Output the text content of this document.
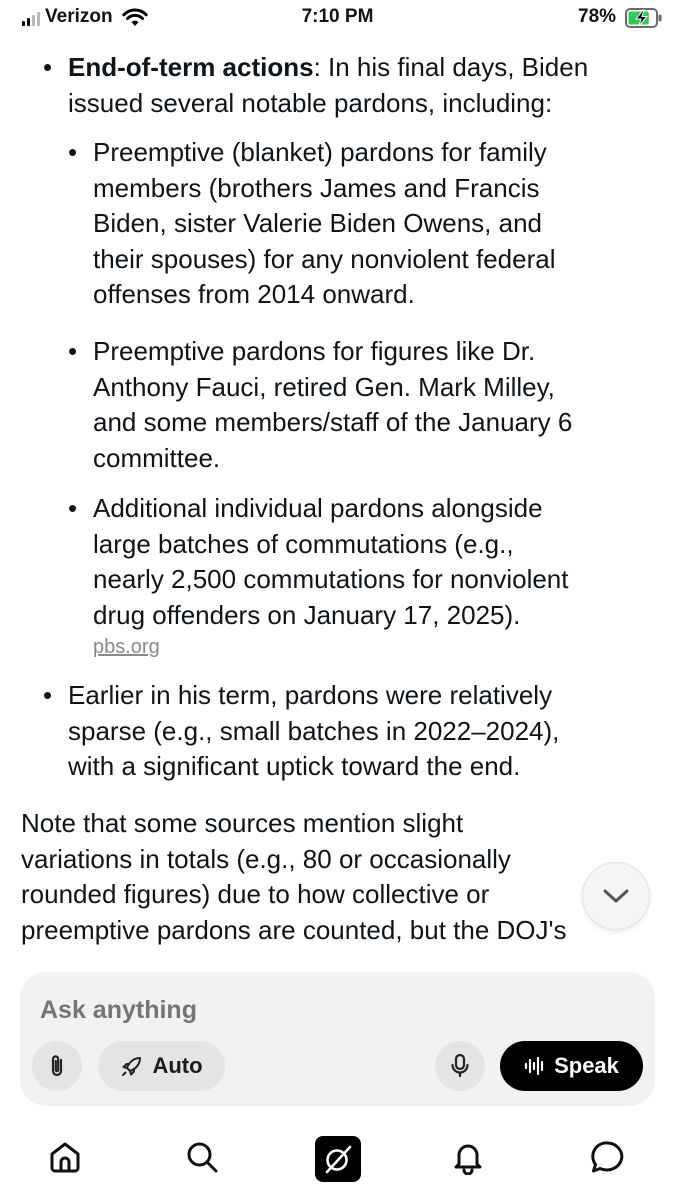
Verizon	7:10 PM	78%
• End-of-term actions: In his final days, Biden
issued several notable pardons, including:
• Preemptive (blanket) pardons for family
members (brothers James and Francis
Biden, sister Valerie Biden Owens, and
their spouses) for any nonviolent federal
offenses from 2014 onward.
• Preemptive pardons for figures like Dr.
Anthony Fauci, retired Gen. Mark Milley,
and some members/staff of the January 6
committee.
• Additional individual pardons alongside
large batches of commutations (e.g.,
nearly 2,500 commutations for nonviolent
drug offenders on January 17, 2025).
pbs.org
• Earlier in his term, pardons were relatively
sparse (e.g., small batches in 2022–2024),
with a significant uptick toward the end.
Note that some sources mention slight
variations in totals (e.g., 80 or occasionally
rounded figures) due to how collective or
preemptive pardons are counted, but the DOJ's
Ask anything
Auto	Speak
